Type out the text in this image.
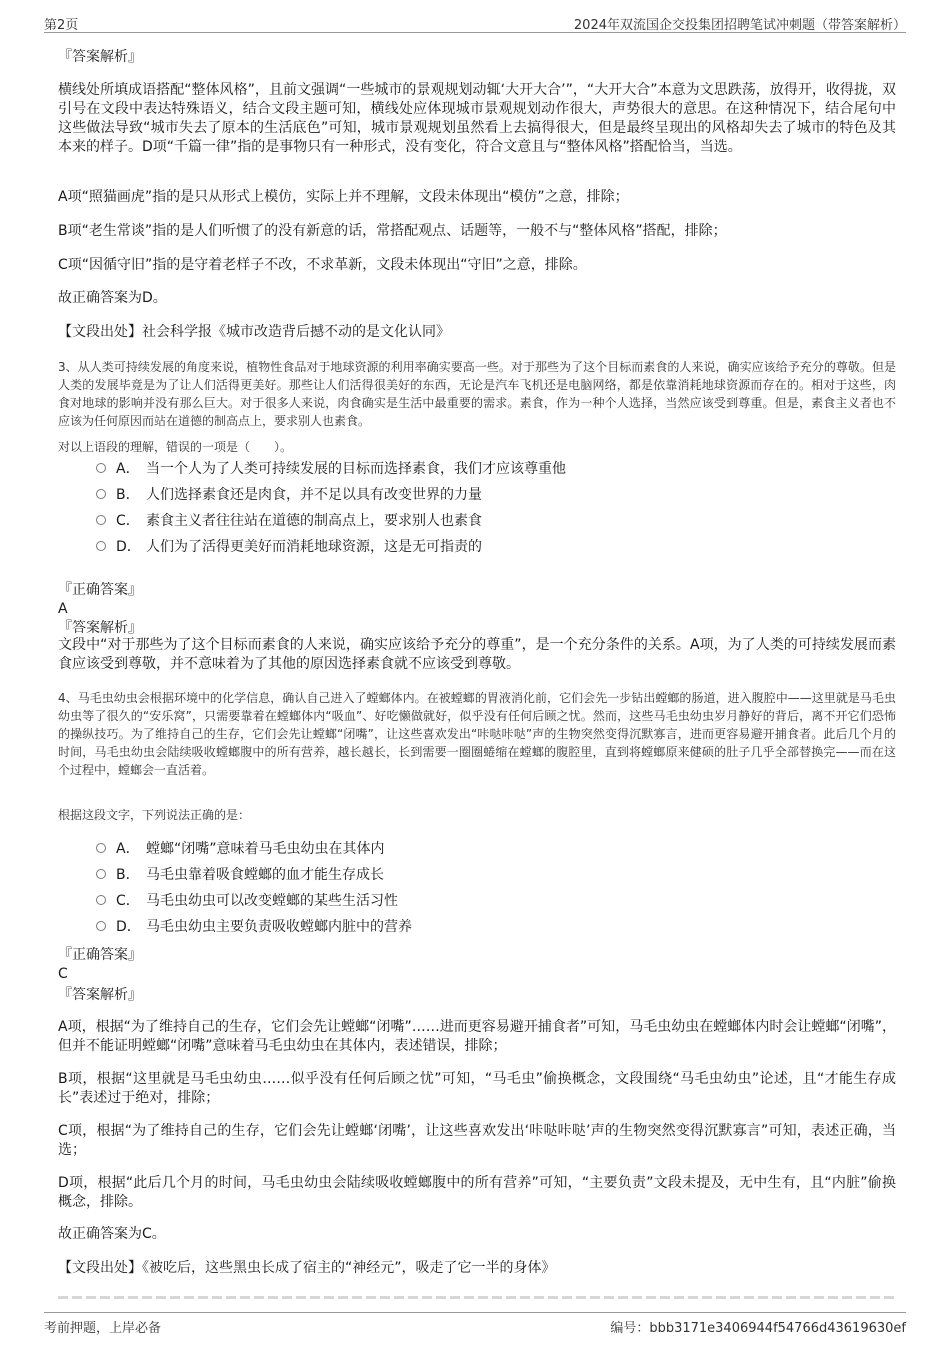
第2页	2024年双流国企交投集团招聘笔试冲刺题（带答案解析）
『答案解析』
横线处所填成语搭配“整体风格”，且前文强调“一些城市的景观规划动辄‘大开大合’”，“大开大合”本意为文思跌荡，放得开，收得拢，双引号在文段中表达特殊语义，结合文段主题可知，横线处应体现城市景观规划动作很大，声势很大的意思。在这种情况下，结合尾句中这些做法导致“城市失去了原本的生活底色”可知，城市景观规划虽然看上去搞得很大，但是最终呈现出的风格却失去了城市的特色及其本来的样子。D项“千篇一律”指的是事物只有一种形式，没有变化，符合文意且与“整体风格”搭配恰当，当选。
A项“照猫画虎”指的是只从形式上模仿，实际上并不理解，文段未体现出“模仿”之意，排除；
B项“老生常谈”指的是人们听惯了的没有新意的话，常搭配观点、话题等，一般不与“整体风格”搭配，排除；
C项“因循守旧”指的是守着老样子不改，不求革新，文段未体现出“守旧”之意，排除。
故正确答案为D。
【文段出处】社会科学报《城市改造背后撼不动的是文化认同》
3、从人类可持续发展的角度来说，植物性食品对于地球资源的利用率确实要高一些。对于那些为了这个目标而素食的人来说，确实应该给予充分的尊敬。但是人类的发展毕竟是为了让人们活得更美好。那些让人们活得很美好的东西，无论是汽车飞机还是电脑网络，都是依靠消耗地球资源而存在的。相对于这些，肉食对地球的影响并没有那么巨大。对于很多人来说，肉食确实是生活中最重要的需求。素食，作为一种个人选择，当然应该受到尊重。但是，素食主义者也不应该为任何原因而站在道德的制高点上，要求别人也素食。
对以上语段的理解，错误的一项是（　　）。
A． 当一个人为了人类可持续发展的目标而选择素食，我们才应该尊重他
B． 人们选择素食还是肉食，并不足以具有改变世界的力量
C． 素食主义者往往站在道德的制高点上，要求别人也素食
D． 人们为了活得更美好而消耗地球资源，这是无可指责的
『正确答案』
A
『答案解析』
文段中“对于那些为了这个目标而素食的人来说，确实应该给予充分的尊重”，是一个充分条件的关系。A项，为了人类的可持续发展而素食应该受到尊敬，并不意味着为了其他的原因选择素食就不应该受到尊敬。
4、马毛虫幼虫会根据环境中的化学信息，确认自己进入了螳螂体内。在被螳螂的胃液消化前，它们会先一步钻出螳螂的肠道，进入腹腔中——这里就是马毛虫幼虫等了很久的“安乐窝”，只需要靠着在螳螂体内“吸血”、好吃懒做就好，似乎没有任何后顾之忧。然而，这些马毛虫幼虫岁月静好的背后，离不开它们恐怖的操纵技巧。为了维持自己的生存，它们会先让螳螂“闭嘴”，让这些喜欢发出“咔哒咔哒”声的生物突然变得沉默寡言，进而更容易避开捕食者。此后几个月的时间，马毛虫幼虫会陆续吸收螳螂腹中的所有营养，越长越长，长到需要一圈圈蜷缩在螳螂的腹腔里，直到将螳螂原来健硕的肚子几乎全部替换完——而在这个过程中，螳螂会一直活着。
根据这段文字，下列说法正确的是：
A． 螳螂“闭嘴”意味着马毛虫幼虫在其体内
B． 马毛虫靠着吸食螳螂的血才能生存成长
C． 马毛虫幼虫可以改变螳螂的某些生活习性
D． 马毛虫幼虫主要负责吸收螳螂内脏中的营养
『正确答案』
C
『答案解析』
A项，根据“为了维持自己的生存，它们会先让螳螂“闭嘴”……进而更容易避开捕食者”可知，马毛虫幼虫在螳螂体内时会让螳螂“闭嘴”，但并不能证明螳螂“闭嘴”意味着马毛虫幼虫在其体内，表述错误，排除；
B项，根据“这里就是马毛虫幼虫……似乎没有任何后顾之忧”可知，“马毛虫”偷换概念，文段围绕“马毛虫幼虫”论述，且“才能生存成长”表述过于绝对，排除；
C项，根据“为了维持自己的生存，它们会先让螳螂‘闭嘴’，让这些喜欢发出‘咔哒咔哒’声的生物突然变得沉默寡言”可知，表述正确，当选；
D项，根据“此后几个月的时间，马毛虫幼虫会陆续吸收螳螂腹中的所有营养”可知，“主要负责”文段未提及，无中生有，且“内脏”偷换概念，排除。
故正确答案为C。
【文段出处】《被吃后，这些黑虫长成了宿主的“神经元”，吸走了它一半的身体》
考前押题，上岸必备	编号：bbb3171e3406944f54766d43619630ef
